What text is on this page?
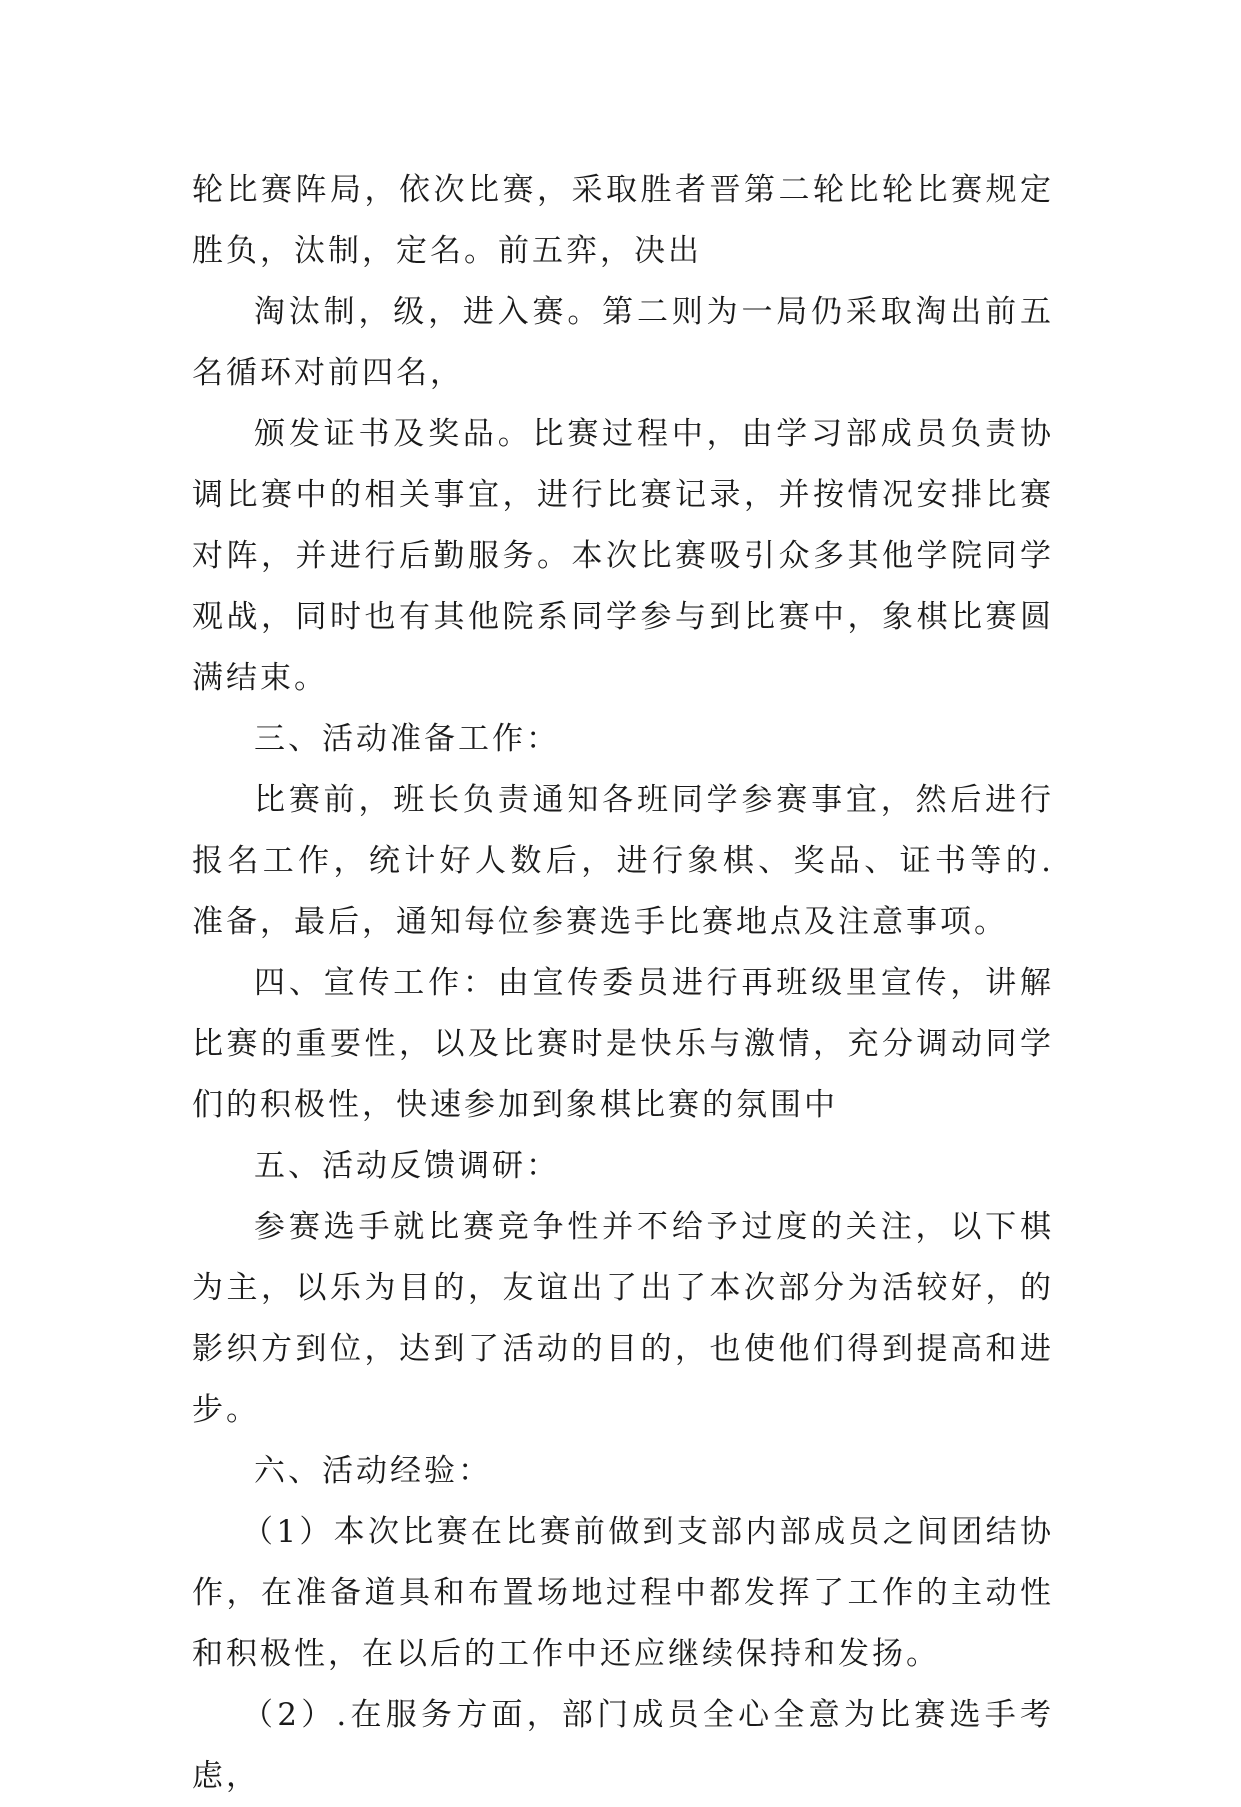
轮比赛阵局，依次比赛，采取胜者晋第二轮比轮比赛规定胜负，汰制，定名。前五弈，决出

淘汰制，级，进入赛。第二则为一局仍采取淘出前五名循环对前四名，

颁发证书及奖品。比赛过程中，由学习部成员负责协调比赛中的相关事宜，进行比赛记录，并按情况安排比赛对阵，并进行后勤服务。本次比赛吸引众多其他学院同学观战，同时也有其他院系同学参与到比赛中，象棋比赛圆满结束。

三、活动准备工作：

比赛前，班长负责通知各班同学参赛事宜，然后进行报名工作，统计好人数后，进行象棋、奖品、证书等的.准备，最后，通知每位参赛选手比赛地点及注意事项。

四、宣传工作：由宣传委员进行再班级里宣传，讲解比赛的重要性，以及比赛时是快乐与激情，充分调动同学们的积极性，快速参加到象棋比赛的氛围中

五、活动反馈调研：

参赛选手就比赛竞争性并不给予过度的关注，以下棋为主，以乐为目的，友谊出了出了本次部分为活较好，的影织方到位，达到了活动的目的，也使他们得到提高和进步。

六、活动经验：

（1）本次比赛在比赛前做到支部内部成员之间团结协作，在准备道具和布置场地过程中都发挥了工作的主动性和积极性，在以后的工作中还应继续保持和发扬。

（2）.在服务方面，部门成员全心全意为比赛选手考虑，
